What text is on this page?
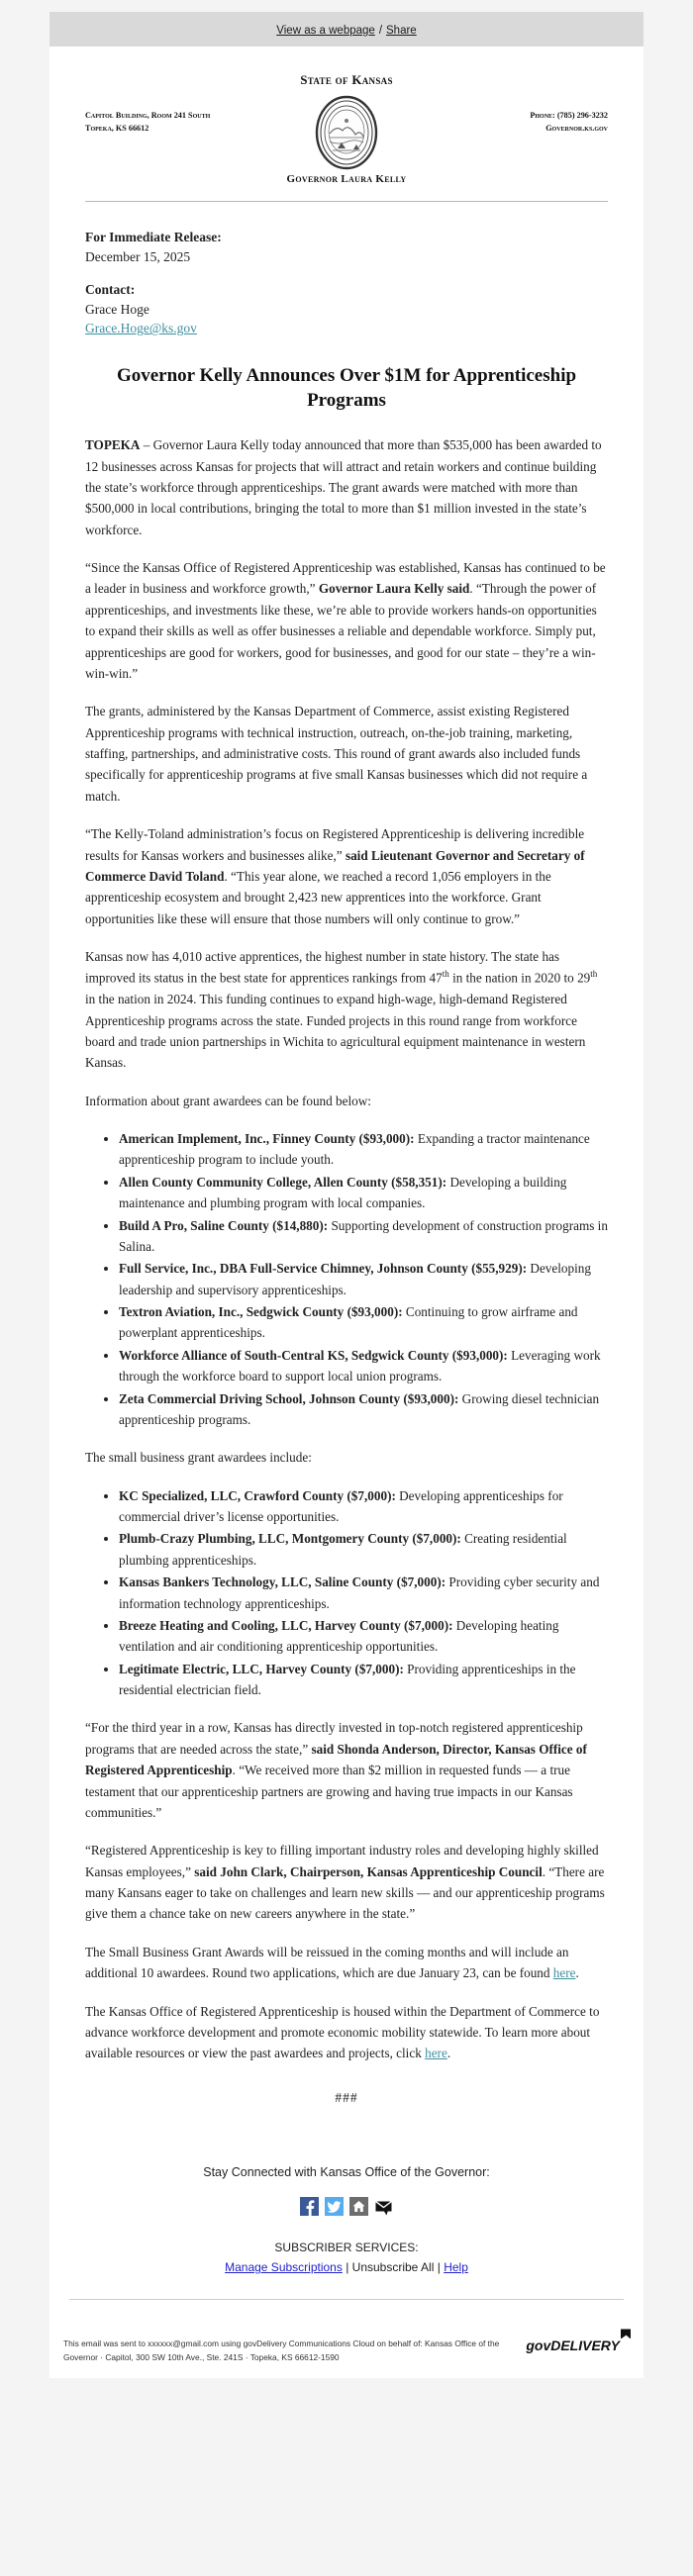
View as a webpage / Share
State of Kansas
Capitol Building, Room 241 South
Topeka, KS 66612
Phone: (785) 296-3232
Governor.ks.gov
Governor Laura Kelly
For Immediate Release:
December 15, 2025
Contact:
Grace Hoge
Grace.Hoge@ks.gov
Governor Kelly Announces Over $1M for Apprenticeship Programs

TOPEKA – Governor Laura Kelly today announced that more than $535,000 has been awarded to 12 businesses across Kansas for projects that will attract and retain workers and continue building the state’s workforce through apprenticeships. The grant awards were matched with more than $500,000 in local contributions, bringing the total to more than $1 million invested in the state’s workforce.

“Since the Kansas Office of Registered Apprenticeship was established, Kansas has continued to be a leader in business and workforce growth,” Governor Laura Kelly said. “Through the power of apprenticeships, and investments like these, we’re able to provide workers hands-on opportunities to expand their skills as well as offer businesses a reliable and dependable workforce. Simply put, apprenticeships are good for workers, good for businesses, and good for our state – they’re a win-win-win.”

The grants, administered by the Kansas Department of Commerce, assist existing Registered Apprenticeship programs with technical instruction, outreach, on-the-job training, marketing, staffing, partnerships, and administrative costs. This round of grant awards also included funds specifically for apprenticeship programs at five small Kansas businesses which did not require a match.

“The Kelly-Toland administration’s focus on Registered Apprenticeship is delivering incredible results for Kansas workers and businesses alike,” said Lieutenant Governor and Secretary of Commerce David Toland. “This year alone, we reached a record 1,056 employers in the apprenticeship ecosystem and brought 2,423 new apprentices into the workforce. Grant opportunities like these will ensure that those numbers will only continue to grow.”

Kansas now has 4,010 active apprentices, the highest number in state history. The state has improved its status in the best state for apprentices rankings from 47th in the nation in 2020 to 29th in the nation in 2024. This funding continues to expand high-wage, high-demand Registered Apprenticeship programs across the state. Funded projects in this round range from workforce board and trade union partnerships in Wichita to agricultural equipment maintenance in western Kansas.

Information about grant awardees can be found below:

• American Implement, Inc., Finney County ($93,000): Expanding a tractor maintenance apprenticeship program to include youth.
• Allen County Community College, Allen County ($58,351): Developing a building maintenance and plumbing program with local companies.
• Build A Pro, Saline County ($14,880): Supporting development of construction programs in Salina.
• Full Service, Inc., DBA Full-Service Chimney, Johnson County ($55,929): Developing leadership and supervisory apprenticeships.
• Textron Aviation, Inc., Sedgwick County ($93,000): Continuing to grow airframe and powerplant apprenticeships.
• Workforce Alliance of South-Central KS, Sedgwick County ($93,000): Leveraging work through the workforce board to support local union programs.
• Zeta Commercial Driving School, Johnson County ($93,000): Growing diesel technician apprenticeship programs.

The small business grant awardees include:

• KC Specialized, LLC, Crawford County ($7,000): Developing apprenticeships for commercial driver’s license opportunities.
• Plumb-Crazy Plumbing, LLC, Montgomery County ($7,000): Creating residential plumbing apprenticeships.
• Kansas Bankers Technology, LLC, Saline County ($7,000): Providing cyber security and information technology apprenticeships.
• Breeze Heating and Cooling, LLC, Harvey County ($7,000): Developing heating ventilation and air conditioning apprenticeship opportunities.
• Legitimate Electric, LLC, Harvey County ($7,000): Providing apprenticeships in the residential electrician field.

“For the third year in a row, Kansas has directly invested in top-notch registered apprenticeship programs that are needed across the state,” said Shonda Anderson, Director, Kansas Office of Registered Apprenticeship. “We received more than $2 million in requested funds — a true testament that our apprenticeship partners are growing and having true impacts in our Kansas communities.”

“Registered Apprenticeship is key to filling important industry roles and developing highly skilled Kansas employees,” said John Clark, Chairperson, Kansas Apprenticeship Council. “There are many Kansans eager to take on challenges and learn new skills — and our apprenticeship programs give them a chance take on new careers anywhere in the state.”

The Small Business Grant Awards will be reissued in the coming months and will include an additional 10 awardees. Round two applications, which are due January 23, can be found here.

The Kansas Office of Registered Apprenticeship is housed within the Department of Commerce to advance workforce development and promote economic mobility statewide. To learn more about available resources or view the past awardees and projects, click here.

###
Stay Connected with Kansas Office of the Governor:
SUBSCRIBER SERVICES:
Manage Subscriptions | Unsubscribe All | Help
This email was sent to xxxxxx@gmail.com using govDelivery Communications Cloud on behalf of: Kansas Office of the Governor · Capitol, 300 SW 10th Ave., Ste. 241S · Topeka, KS 66612-1590
govDELIVERY
